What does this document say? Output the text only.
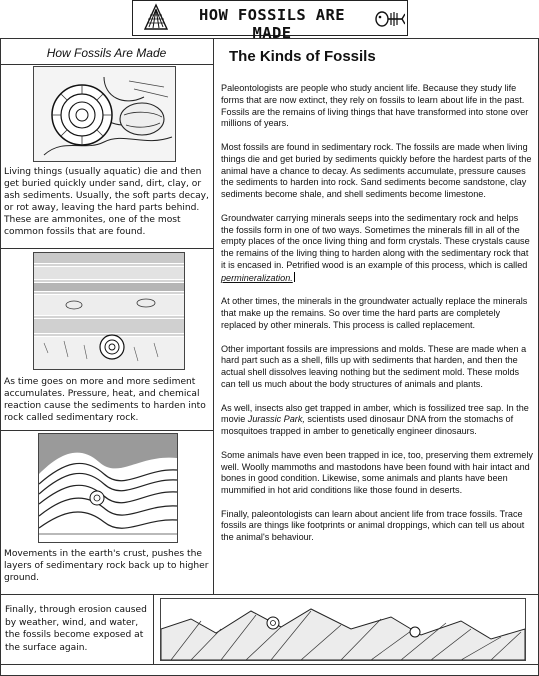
HOW FOSSILS ARE MADE
How Fossils Are Made
Living things (usually aquatic) die and then get buried quickly under sand, dirt, clay, or ash sediments. Usually, the soft parts decay, or rot away, leaving the hard parts behind. These are ammonites, one of the most common fossils that are found.
As time goes on more and more sediment accumulates. Pressure, heat, and chemical reaction cause the sediments to harden into rock called sedimentary rock.
Movements in the earth's crust, pushes the layers of sedimentary rock back up to higher ground.
Finally, through erosion caused by weather, wind, and water, the fossils become exposed at the surface again.
The Kinds of Fossils

Paleontologists are people who study ancient life. Because they study life forms that are now extinct, they rely on fossils to learn about life in the past. Fossils are the remains of living things that have transformed into stone over millions of years.

Most fossils are found in sedimentary rock. The fossils are made when living things die and get buried by sediments quickly before the hardest parts of the animal have a chance to decay. As sediments accumulate, pressure causes the sediments to harden into rock. Sand sediments become sandstone, clay sediments become shale, and shell sediments become limestone.

Groundwater carrying minerals seeps into the sedimentary rock and helps the fossils form in one of two ways. Sometimes the minerals fill in all of the empty places of the once living thing and form crystals. These crystals cause the remains of the living thing to harden along with the sedimentary rock that it is encased in. Petrified wood is an example of this process, which is called permineralization.

At other times, the minerals in the groundwater actually replace the minerals that make up the remains. So over time the hard parts are completely replaced by other minerals. This process is called replacement.

Other important fossils are impressions and molds. These are made when a hard part such as a shell, fills up with sediments that harden, and then the actual shell dissolves leaving nothing but the sediment mold. These molds can tell us much about the body structures of animals and plants.

As well, insects also get trapped in amber, which is fossilized tree sap. In the movie Jurassic Park, scientists used dinosaur DNA from the stomachs of mosquitoes trapped in amber to genetically engineer dinosaurs.

Some animals have even been trapped in ice, too, preserving them extremely well. Woolly mammoths and mastodons have been found with hair intact and bones in good condition. Likewise, some animals and plants have been mummified in hot arid conditions like those found in deserts.

Finally, paleontologists can learn about ancient life from trace fossils. Trace fossils are things like footprints or animal droppings, which can tell us about the animal's behaviour.
